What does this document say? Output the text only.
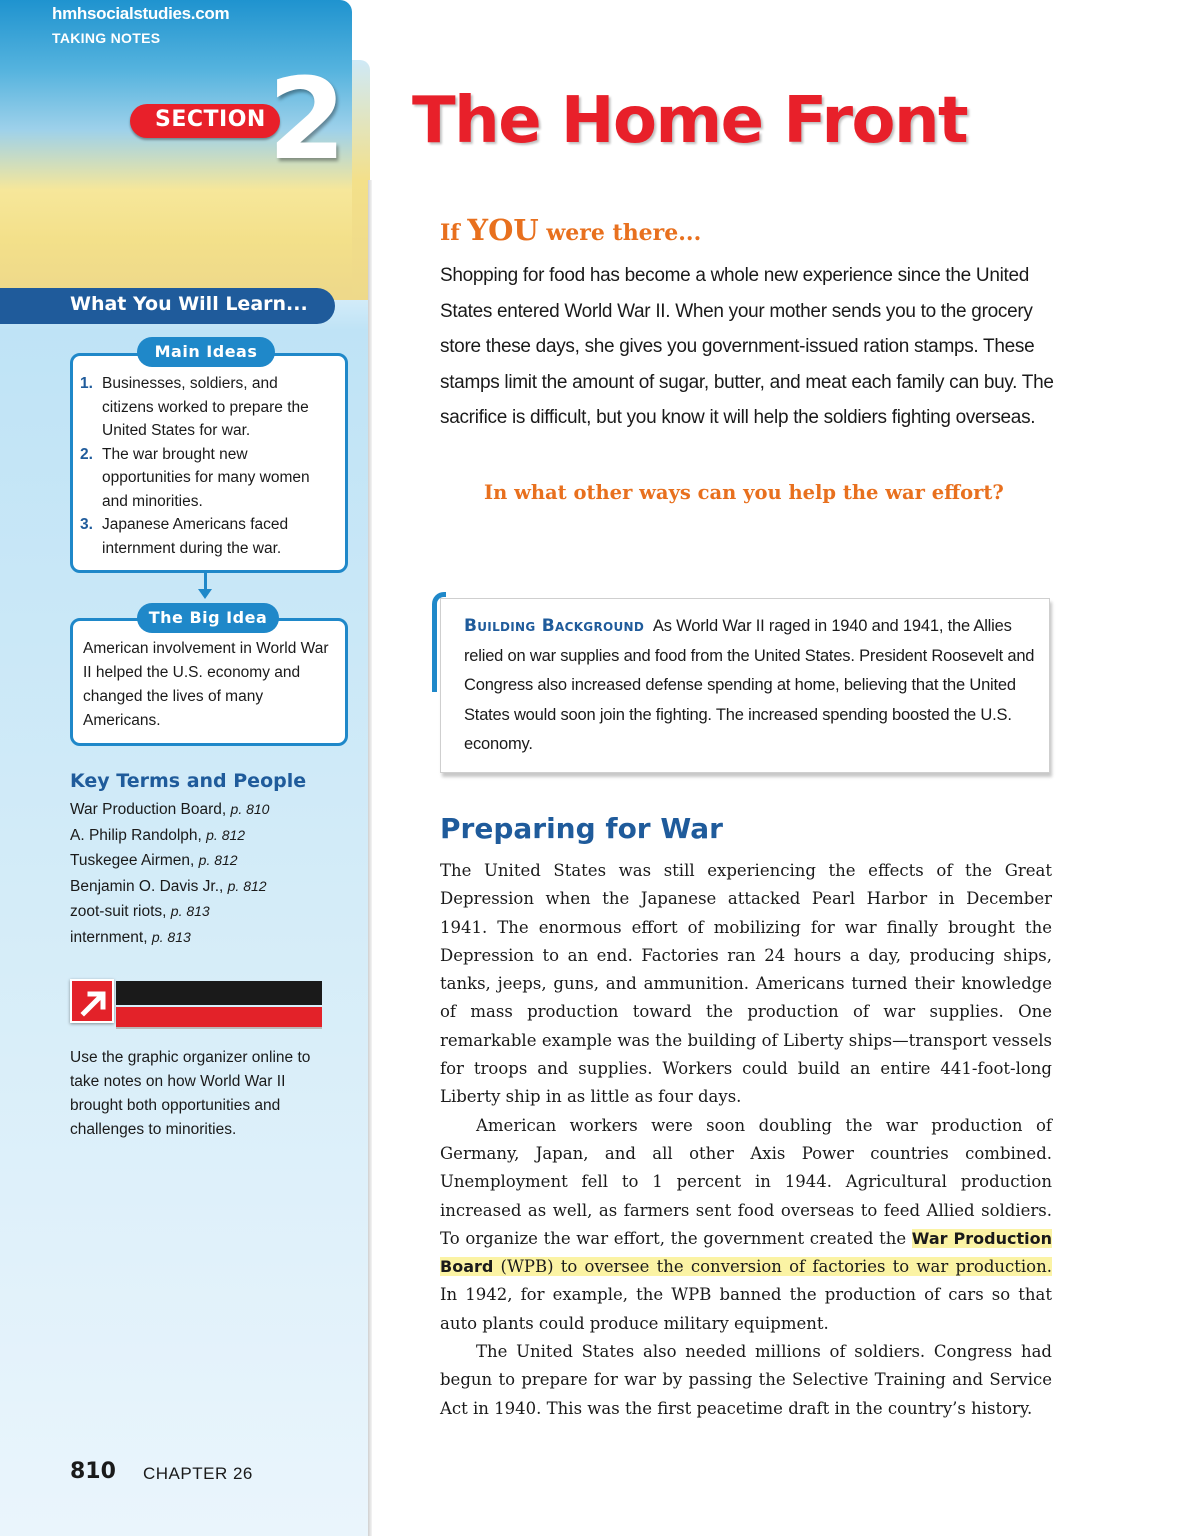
SECTION 2
What You Will Learn...
Main Ideas
1. Businesses, soldiers, and citizens worked to prepare the United States for war.
2. The war brought new opportunities for many women and minorities.
3. Japanese Americans faced internment during the war.
The Big Idea

American involvement in World War II helped the U.S. economy and changed the lives of many Americans.

Key Terms and People
War Production Board, p. 810
A. Philip Randolph, p. 812
Tuskegee Airmen, p. 812
Benjamin O. Davis Jr., p. 812
zoot-suit riots, p. 813
internment, p. 813
hmhsocialstudies.com
TAKING NOTES

Use the graphic organizer online to take notes on how World War II brought both opportunities and challenges to minorities.

810 CHAPTER 26
The Home Front
If YOU were there...

Shopping for food has become a whole new experience since the United States entered World War II. When your mother sends you to the grocery store these days, she gives you government-issued ration stamps. These stamps limit the amount of sugar, butter, and meat each family can buy. The sacrifice is difficult, but you know it will help the soldiers fighting overseas.

In what other ways can you help the war effort?

Building Background As World War II raged in 1940 and 1941, the Allies relied on war supplies and food from the United States. President Roosevelt and Congress also increased defense spending at home, believing that the United States would soon join the fighting. The increased spending boosted the U.S. economy.

Preparing for War

The United States was still experiencing the effects of the Great Depression when the Japanese attacked Pearl Harbor in December 1941. The enormous effort of mobilizing for war finally brought the Depression to an end. Factories ran 24 hours a day, producing ships, tanks, jeeps, guns, and ammunition. Americans turned their knowledge of mass production toward the production of war supplies. One remarkable example was the building of Liberty ships—transport vessels for troops and supplies. Workers could build an entire 441-foot-long Liberty ship in as little as four days.

American workers were soon doubling the war production of Germany, Japan, and all other Axis Power countries combined. Unemployment fell to 1 percent in 1944. Agricultural production increased as well, as farmers sent food overseas to feed Allied soldiers. To organize the war effort, the government created the War Production Board (WPB) to oversee the conversion of factories to war production. In 1942, for example, the WPB banned the production of cars so that auto plants could produce military equipment.

The United States also needed millions of soldiers. Congress had begun to prepare for war by passing the Selective Training and Service Act in 1940. This was the first peacetime draft in the country’s history.
